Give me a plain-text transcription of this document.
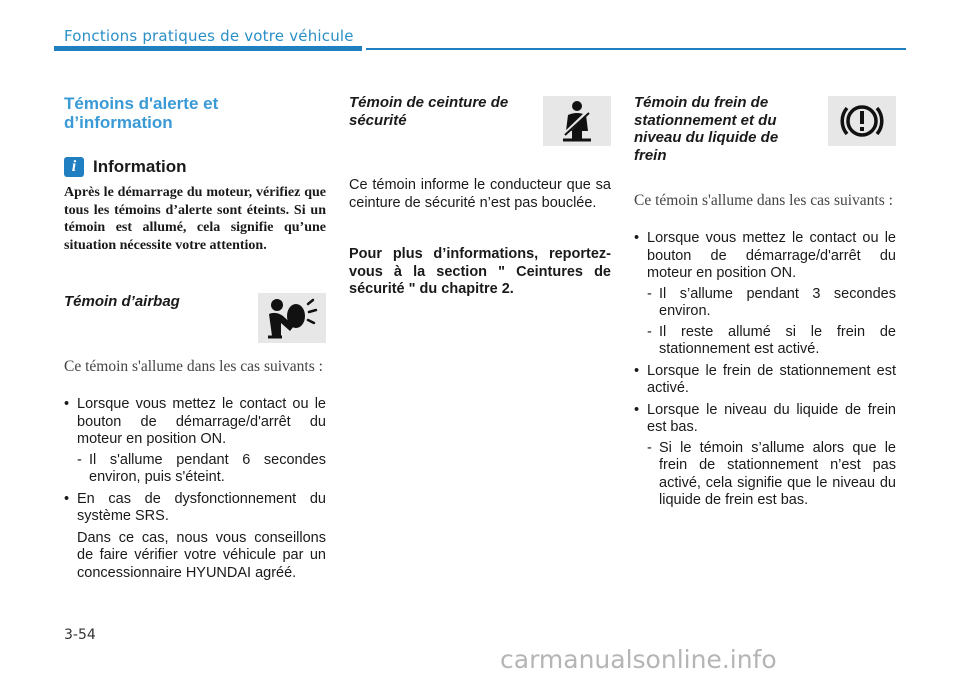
Fonctions pratiques de votre véhicule
Témoins d'alerte et d’information
i Information

Après le démarrage du moteur, vérifiez que tous les témoins d’alerte sont éteints. Si un témoin est allumé, cela signifie qu’une situation nécessite votre attention.

Témoin d’airbag

Ce témoin s'allume dans les cas suivants :

• Lorsque vous mettez le contact ou le bouton de démarrage/d'arrêt du moteur en position ON.
- Il s'allume pendant 6 secondes environ, puis s'éteint.
• En cas de dysfonctionnement du système SRS.

Dans ce cas, nous vous conseillons de faire vérifier votre véhicule par un concessionnaire HYUNDAI agréé.

Témoin de ceinture de sécurité

Ce témoin informe le conducteur que sa ceinture de sécurité n’est pas bouclée.

Pour plus d’informations, reportez-vous à la section " Ceintures de sécurité " du chapitre 2.

Témoin du frein de stationnement et du niveau du liquide de frein

Ce témoin s'allume dans les cas suivants :

• Lorsque vous mettez le contact ou le bouton de démarrage/d'arrêt du moteur en position ON.
- Il s’allume pendant 3 secondes environ.
- Il reste allumé si le frein de stationnement est activé.
• Lorsque le frein de stationnement est activé.
• Lorsque le niveau du liquide de frein est bas.
- Si le témoin s’allume alors que le frein de stationnement n’est pas activé, cela signifie que le niveau du liquide de frein est bas.
3-54
carmanualsonline.info
